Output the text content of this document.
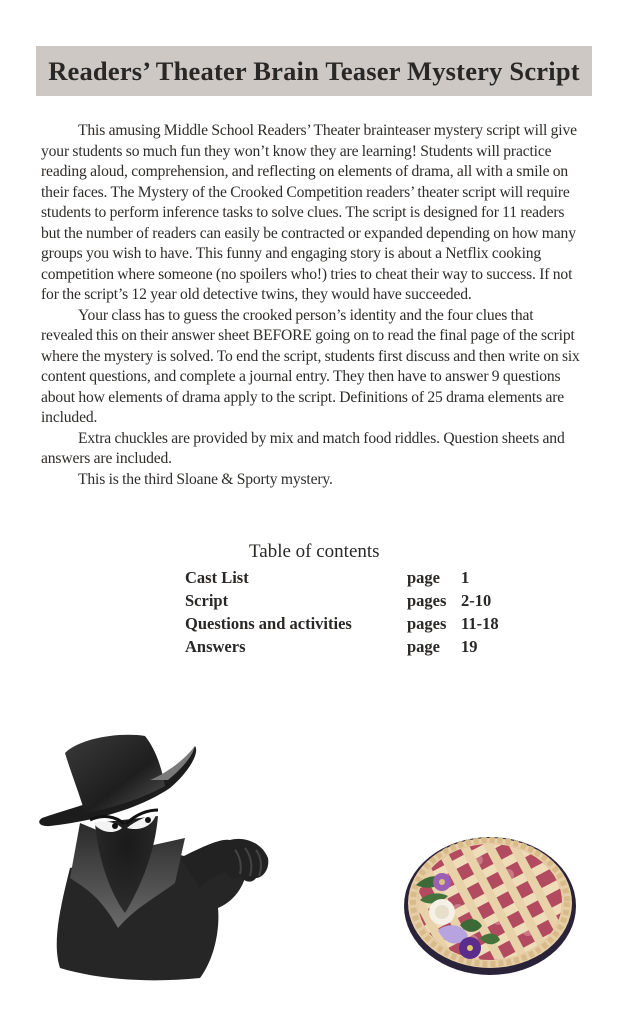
Readers’ Theater Brain Teaser Mystery Script

This amusing Middle School Readers’ Theater brainteaser mystery script will give your students so much fun they won’t know they are learning! Students will practice reading aloud, comprehension, and reflecting on elements of drama, all with a smile on their faces. The Mystery of the Crooked Competition readers’ theater script will require students to perform inference tasks to solve clues. The script is designed for 11 readers but the number of readers can easily be contracted or expanded depending on how many groups you wish to have. This funny and engaging story is about a Netflix cooking competition where someone (no spoilers who!) tries to cheat their way to success. If not for the script’s 12 year old detective twins, they would have succeeded.

Your class has to guess the crooked person’s identity and the four clues that revealed this on their answer sheet BEFORE going on to read the final page of the script where the mystery is solved. To end the script, students first discuss and then write on six content questions, and complete a journal entry. They then have to answer 9 questions about how elements of drama apply to the script. Definitions of 25 drama elements are included.

Extra chuckles are provided by mix and match food riddles. Question sheets and answers are included.

This is the third Sloane & Sporty mystery.

Table of contents
Cast List	page 1
Script	pages 2-10
Questions and activities	pages 11-18
Answers	page 19
